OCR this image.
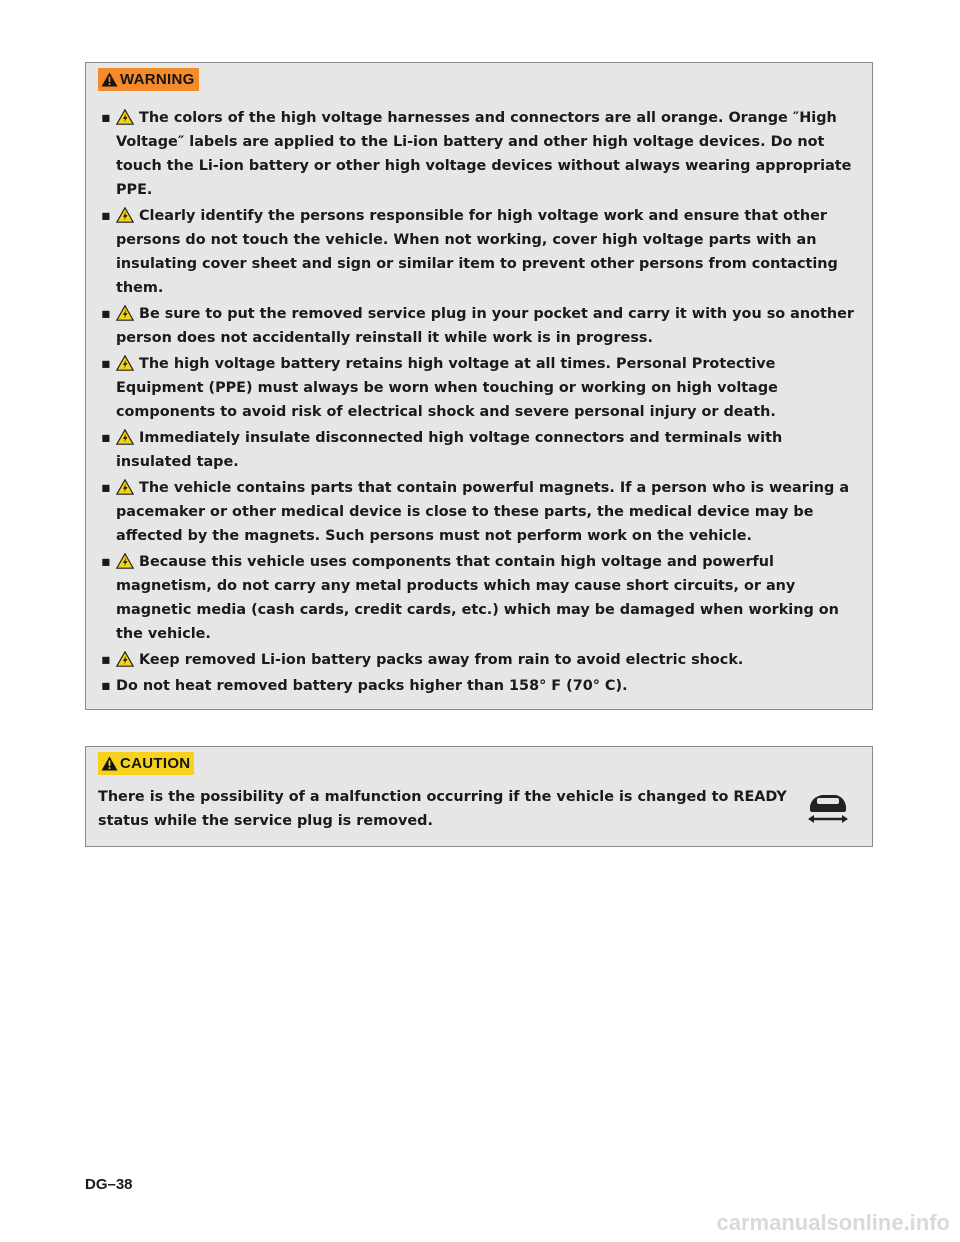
WARNING
▪ The colors of the high voltage harnesses and connectors are all orange. Orange ″High Voltage″ labels are applied to the Li-ion battery and other high voltage devices. Do not touch the Li-ion battery or other high voltage devices without always wearing appropriate PPE.
▪ Clearly identify the persons responsible for high voltage work and ensure that other persons do not touch the vehicle. When not working, cover high voltage parts with an insulating cover sheet and sign or similar item to prevent other persons from contacting them.
▪ Be sure to put the removed service plug in your pocket and carry it with you so another person does not accidentally reinstall it while work is in progress.
▪ The high voltage battery retains high voltage at all times. Personal Protective Equipment (PPE) must always be worn when touching or working on high voltage components to avoid risk of electrical shock and severe personal injury or death.
▪ Immediately insulate disconnected high voltage connectors and terminals with insulated tape.
▪ The vehicle contains parts that contain powerful magnets. If a person who is wearing a pacemaker or other medical device is close to these parts, the medical device may be affected by the magnets. Such persons must not perform work on the vehicle.
▪ Because this vehicle uses components that contain high voltage and powerful magnetism, do not carry any metal products which may cause short circuits, or any magnetic media (cash cards, credit cards, etc.) which may be damaged when working on the vehicle.
▪ Keep removed Li-ion battery packs away from rain to avoid electric shock.
▪ Do not heat removed battery packs higher than 158° F (70° C).
CAUTION
There is the possibility of a malfunction occurring if the vehicle is changed to READY status while the service plug is removed.
DG–38
carmanualsonline.info
